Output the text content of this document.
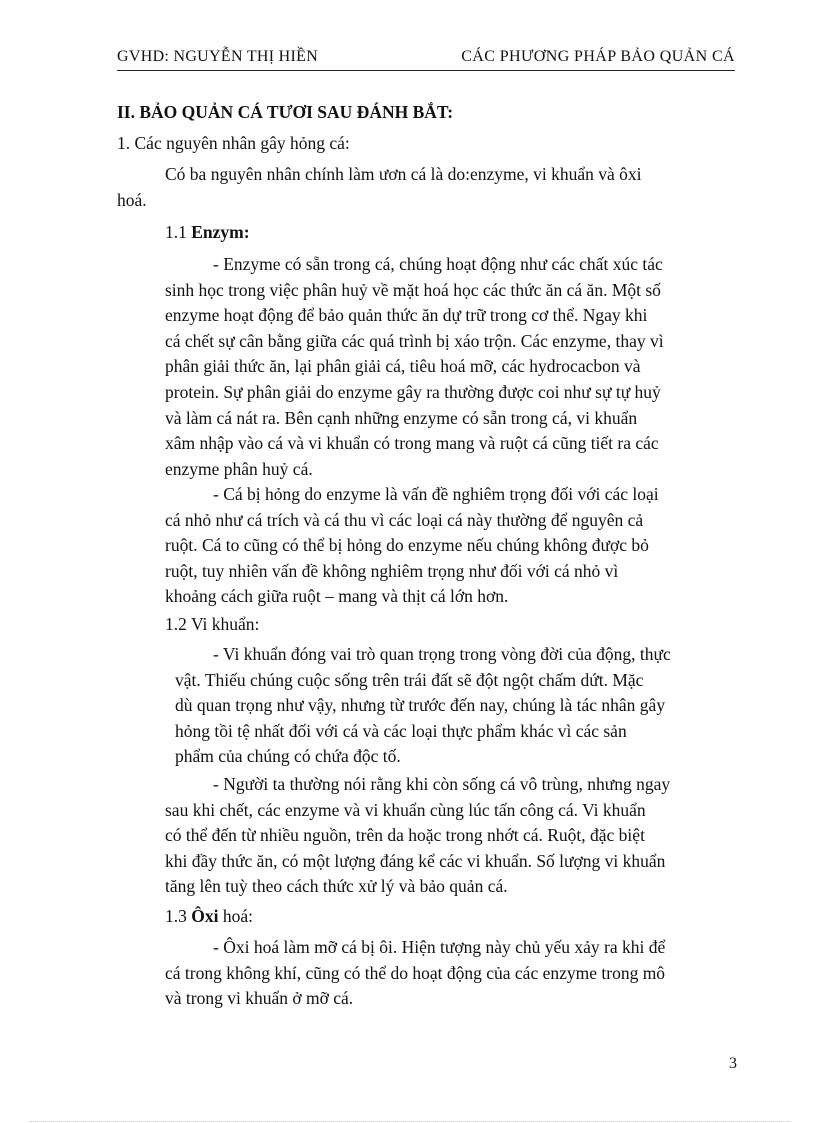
GVHD: NGUYỄN THỊ HIỀN	CÁC PHƯƠNG PHÁP BẢO QUẢN CÁ
II. BẢO QUẢN CÁ TƯƠI SAU ĐÁNH BẮT:
1. Các nguyên nhân gây hỏng cá:
Có ba nguyên nhân chính làm ươn cá là do:enzyme, vi khuẩn và ôxi
hoá.
1.1 Enzym:
- Enzyme có sẵn trong cá, chúng hoạt động như các chất xúc tác
sinh học trong việc phân huỷ về mặt hoá học các thức ăn cá ăn. Một số
enzyme hoạt động để bảo quản thức ăn dự trữ trong cơ thể. Ngay khi
cá chết sự cân bằng giữa các quá trình bị xáo trộn. Các enzyme, thay vì
phân giải thức ăn, lại phân giải cá, tiêu hoá mỡ, các hydrocacbon và
protein. Sự phân giải do enzyme gây ra thường được coi như sự tự huỷ
và làm cá nát ra. Bên cạnh những enzyme có sẵn trong cá, vi khuẩn
xâm nhập vào cá và vi khuẩn có trong mang và ruột cá cũng tiết ra các
enzyme phân huỷ cá.
- Cá bị hỏng do enzyme là vấn đề nghiêm trọng đối với các loại
cá nhỏ như cá trích và cá thu vì các loại cá này thường để nguyên cả
ruột. Cá to cũng có thể bị hỏng do enzyme nếu chúng không được bỏ
ruột, tuy nhiên vấn đề không nghiêm trọng như đối với cá nhỏ vì
khoảng cách giữa ruột – mang và thịt cá lớn hơn.
1.2 Vi khuẩn:
- Vi khuẩn đóng vai trò quan trọng trong vòng đời của động, thực
vật. Thiếu chúng cuộc sống trên trái đất sẽ đột ngột chấm dứt. Mặc
dù quan trọng như vậy, nhưng từ trước đến nay, chúng là tác nhân gây
hỏng tồi tệ nhất đối với cá và các loại thực phẩm khác vì các sản
phẩm của chúng có chứa độc tố.
- Người ta thường nói rằng khi còn sống cá vô trùng, nhưng ngay
sau khi chết, các enzyme và vi khuẩn cùng lúc tấn công cá. Vi khuẩn
có thể đến từ nhiều nguồn, trên da hoặc trong nhớt cá. Ruột, đặc biệt
khi đầy thức ăn, có một lượng đáng kể các vi khuẩn. Số lượng vi khuẩn
tăng lên tuỳ theo cách thức xử lý và bảo quản cá.
1.3 Ôxi hoá:
- Ôxi hoá làm mỡ cá bị ôi. Hiện tượng này chủ yếu xảy ra khi để
cá trong không khí, cũng có thể do hoạt động của các enzyme trong mô
và trong vi khuẩn ở mỡ cá.
3
